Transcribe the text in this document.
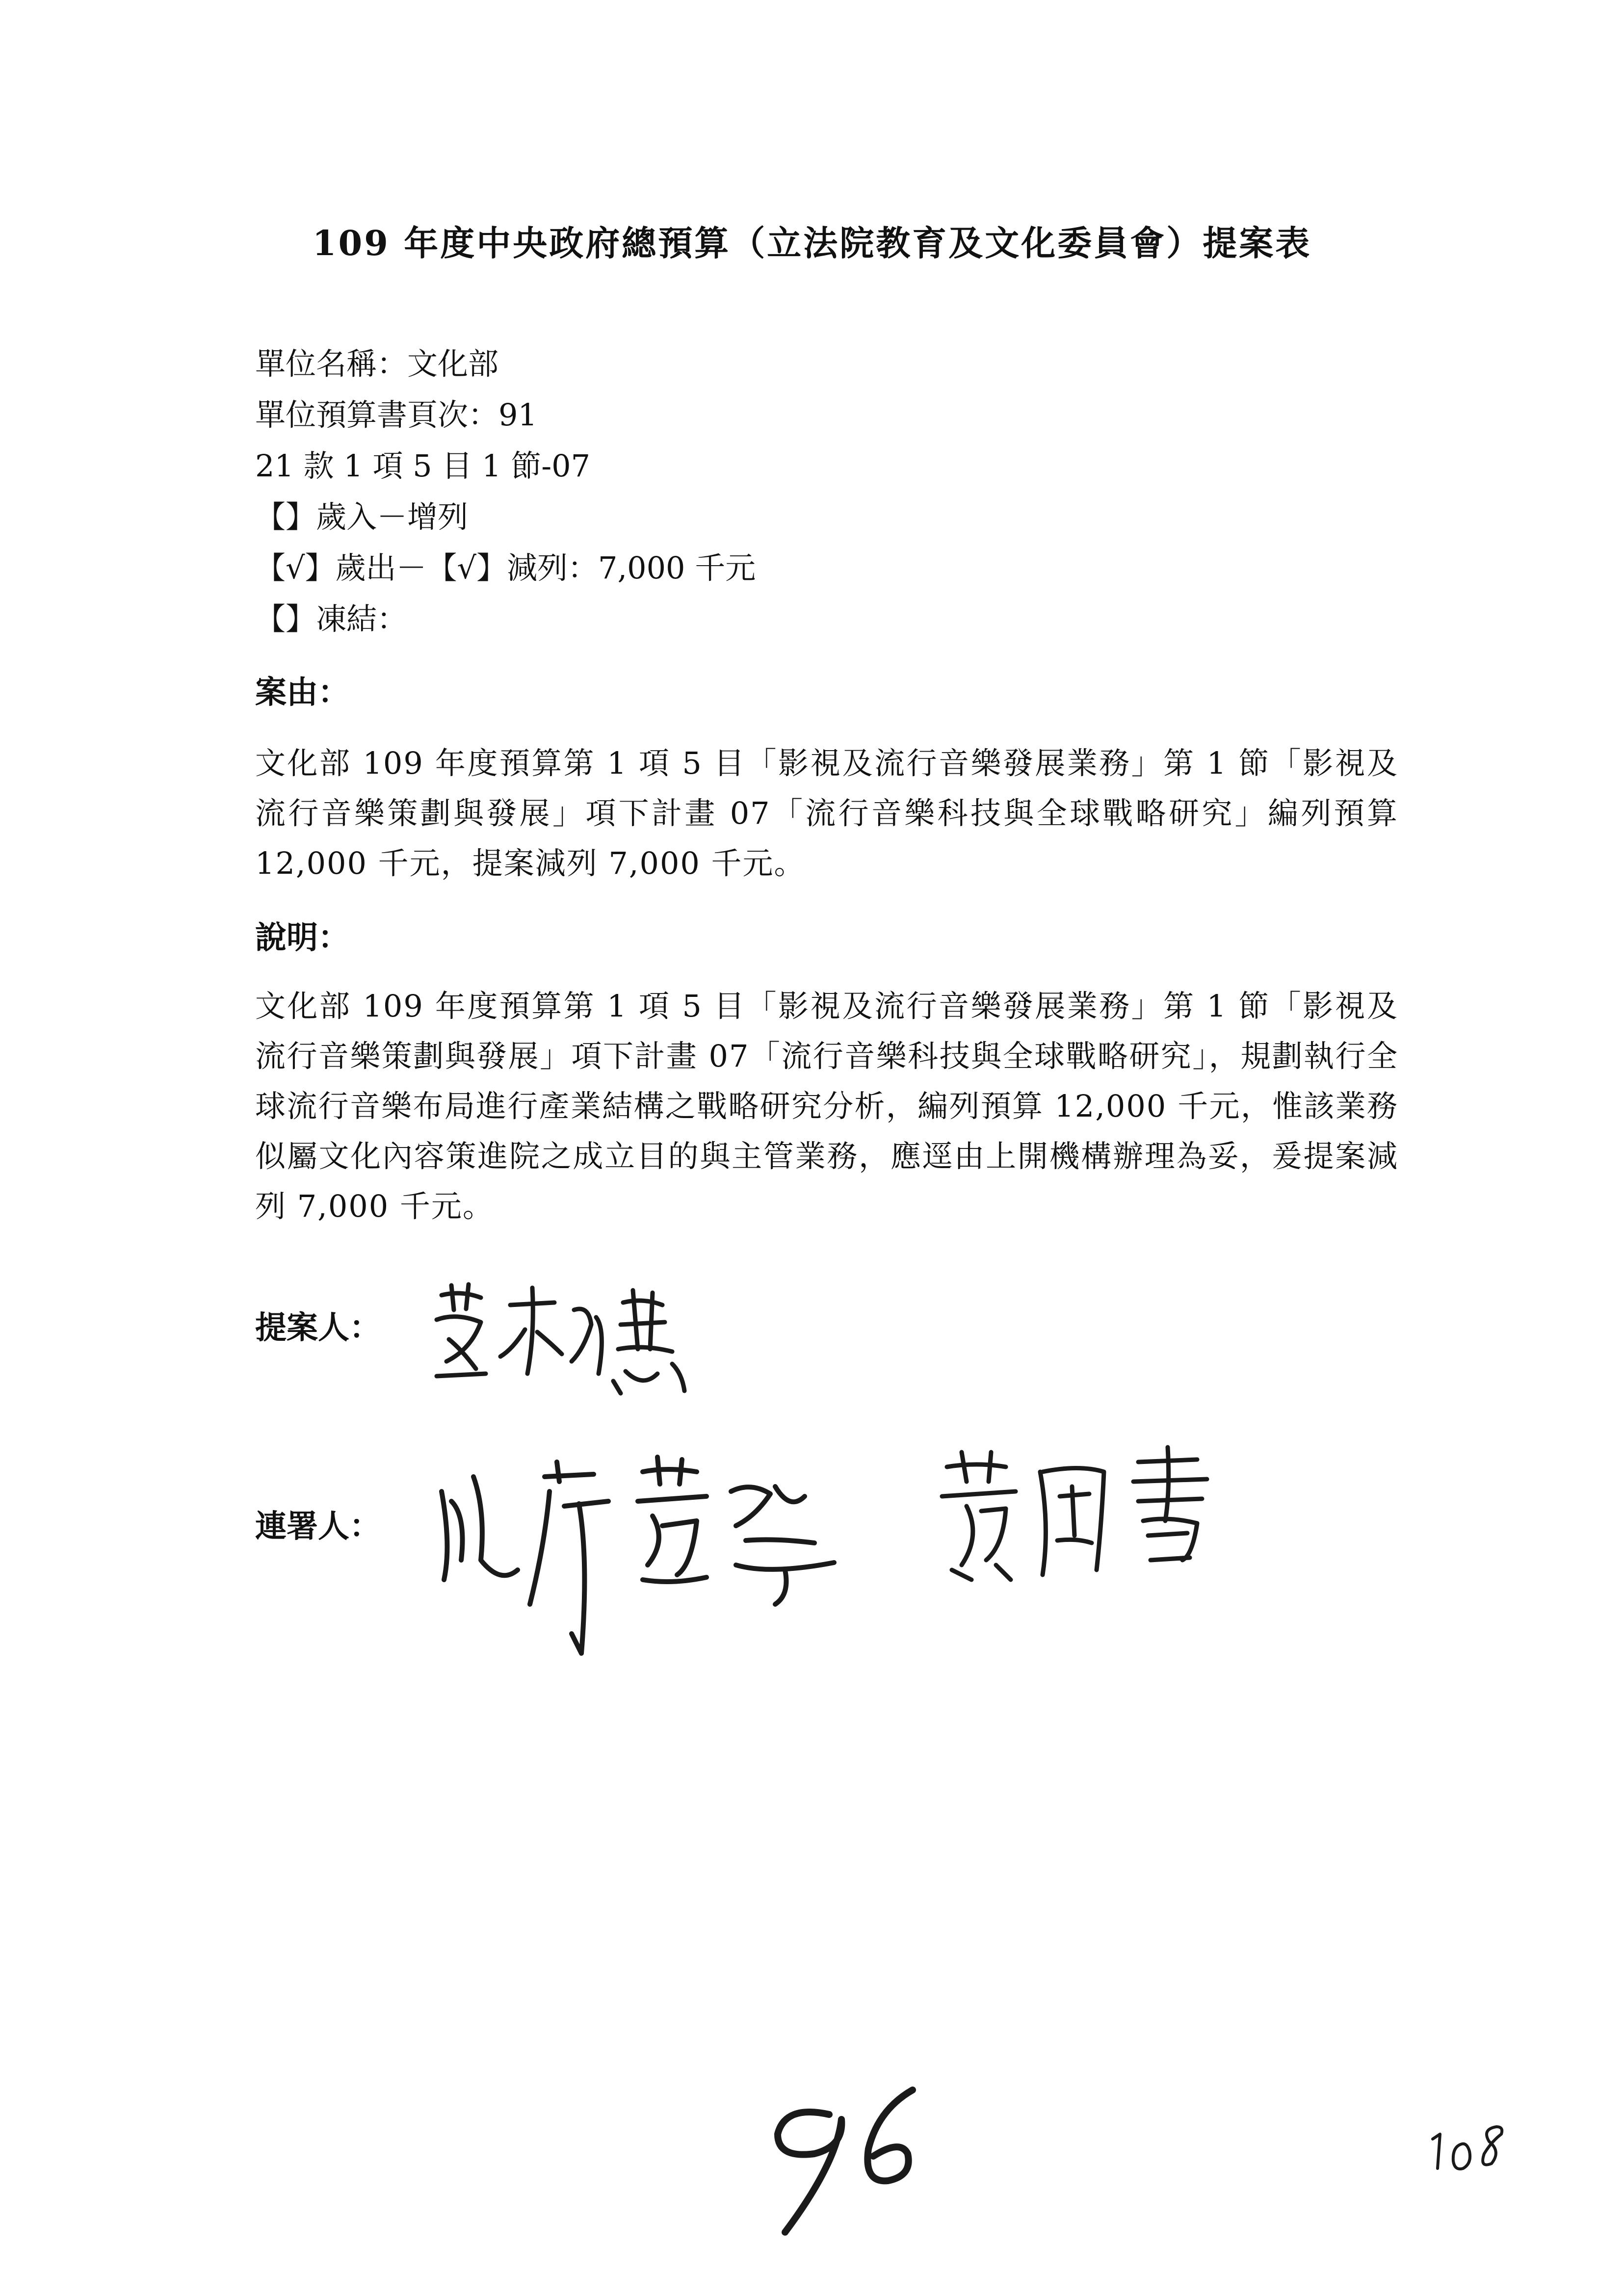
109 年度中央政府總預算（立法院教育及文化委員會）提案表
單位名稱：文化部
單位預算書頁次：91
21 款 1 項 5 目 1 節-07
【】歲入－增列
【√】歲出－【√】減列：7,000 千元
【】凍結：
案由：
文化部 109 年度預算第 1 項 5 目「影視及流行音樂發展業務」第 1 節「影視及流行音樂策劃與發展」項下計畫 07「流行音樂科技與全球戰略研究」編列預算 12,000 千元，提案減列 7,000 千元。
說明：
文化部 109 年度預算第 1 項 5 目「影視及流行音樂發展業務」第 1 節「影視及流行音樂策劃與發展」項下計畫 07「流行音樂科技與全球戰略研究」，規劃執行全球流行音樂布局進行產業結構之戰略研究分析，編列預算 12,000 千元，惟該業務似屬文化內容策進院之成立目的與主管業務，應逕由上開機構辦理為妥，爰提案減列 7,000 千元。
提案人：
連署人：
